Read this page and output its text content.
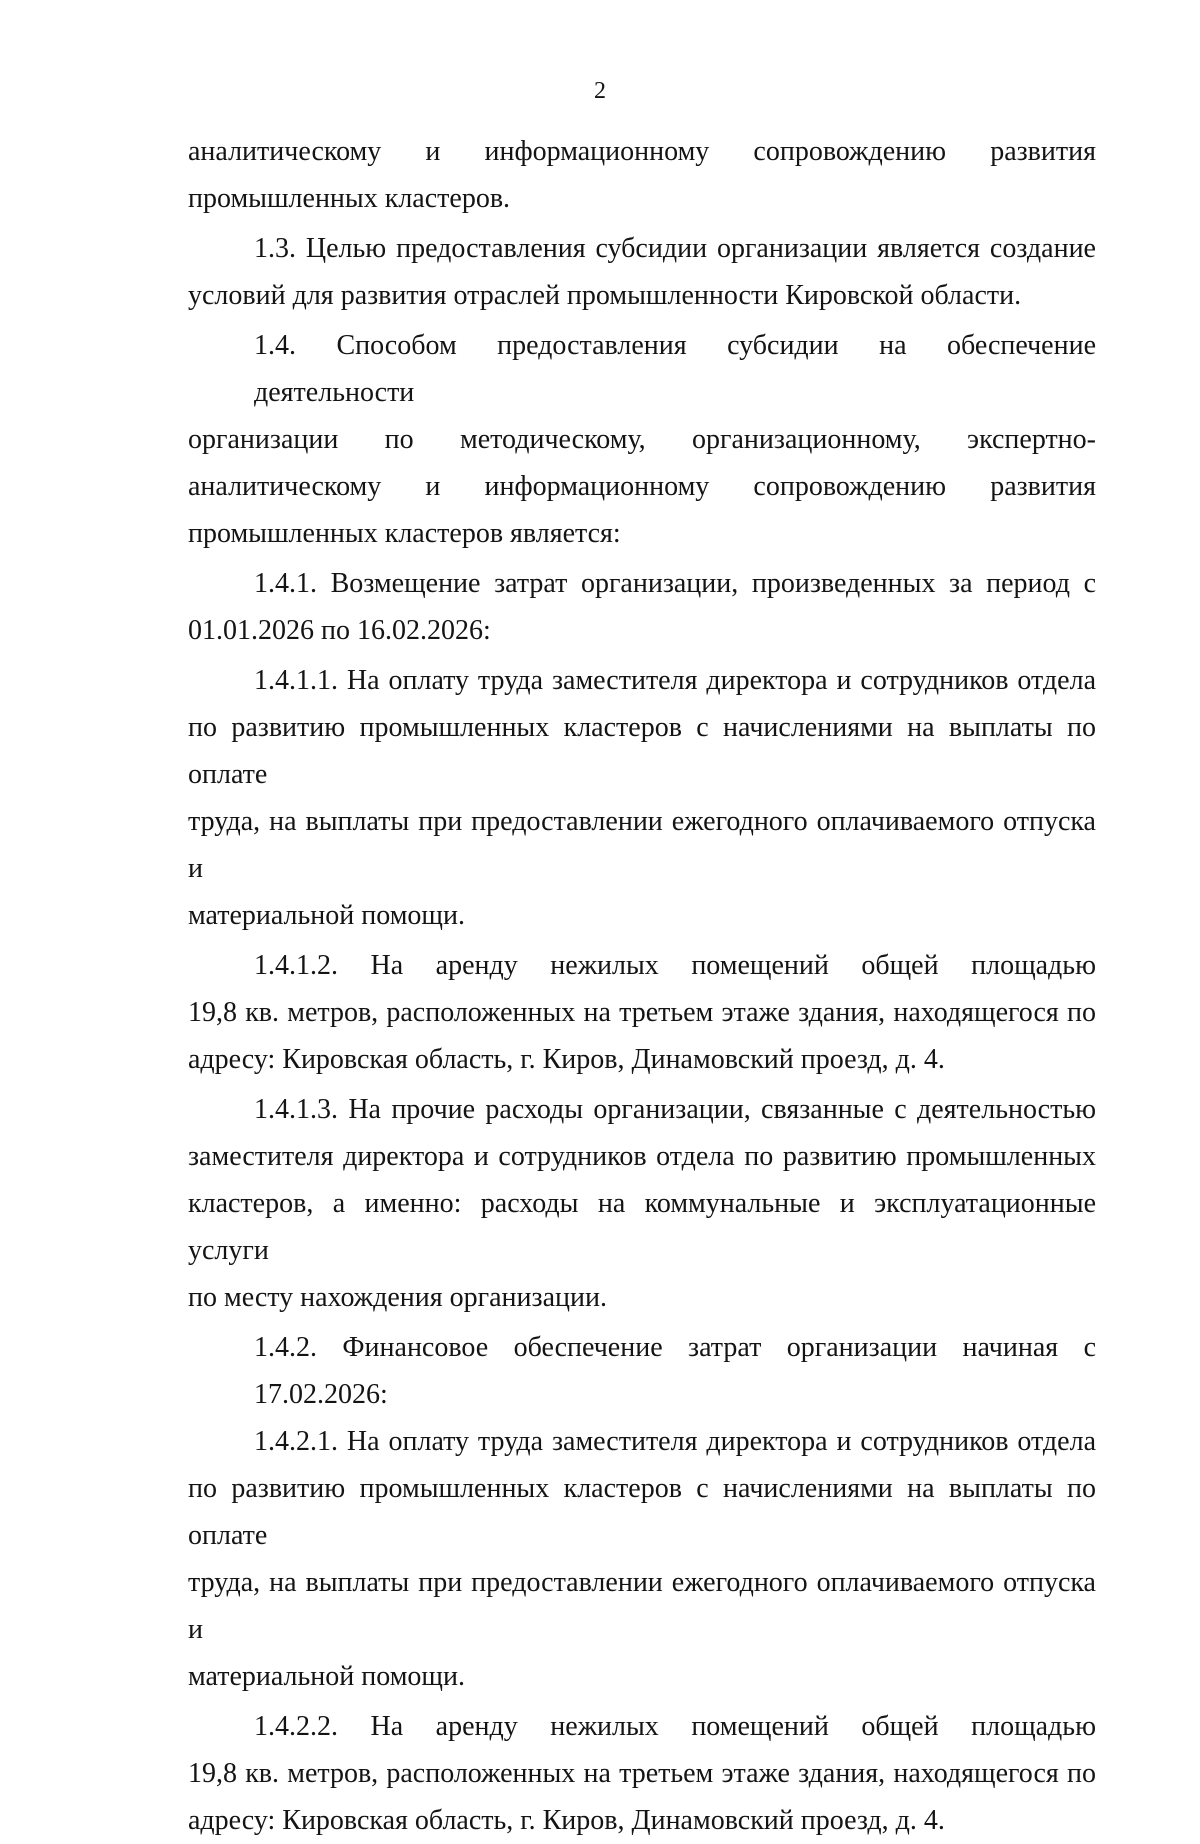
2
аналитическому и информационному сопровождению развития
промышленных кластеров.
1.3. Целью предоставления субсидии организации является создание
условий для развития отраслей промышленности Кировской области.
1.4. Способом предоставления субсидии на обеспечение деятельности
организации по методическому, организационному, экспертно-
аналитическому и информационному сопровождению развития
промышленных кластеров является:
1.4.1. Возмещение затрат организации, произведенных за период с
01.01.2026 по 16.02.2026:
1.4.1.1. На оплату труда заместителя директора и сотрудников отдела
по развитию промышленных кластеров с начислениями на выплаты по оплате
труда, на выплаты при предоставлении ежегодного оплачиваемого отпуска и
материальной помощи.
1.4.1.2. На аренду нежилых помещений общей площадью
19,8 кв. метров, расположенных на третьем этаже здания, находящегося по
адресу: Кировская область, г. Киров, Динамовский проезд, д. 4.
1.4.1.3. На прочие расходы организации, связанные с деятельностью
заместителя директора и сотрудников отдела по развитию промышленных
кластеров, а именно: расходы на коммунальные и эксплуатационные услуги
по месту нахождения организации.
1.4.2. Финансовое обеспечение затрат организации начиная с 17.02.2026:
1.4.2.1. На оплату труда заместителя директора и сотрудников отдела
по развитию промышленных кластеров с начислениями на выплаты по оплате
труда, на выплаты при предоставлении ежегодного оплачиваемого отпуска и
материальной помощи.
1.4.2.2. На аренду нежилых помещений общей площадью
19,8 кв. метров, расположенных на третьем этаже здания, находящегося по
адресу: Кировская область, г. Киров, Динамовский проезд, д. 4.
